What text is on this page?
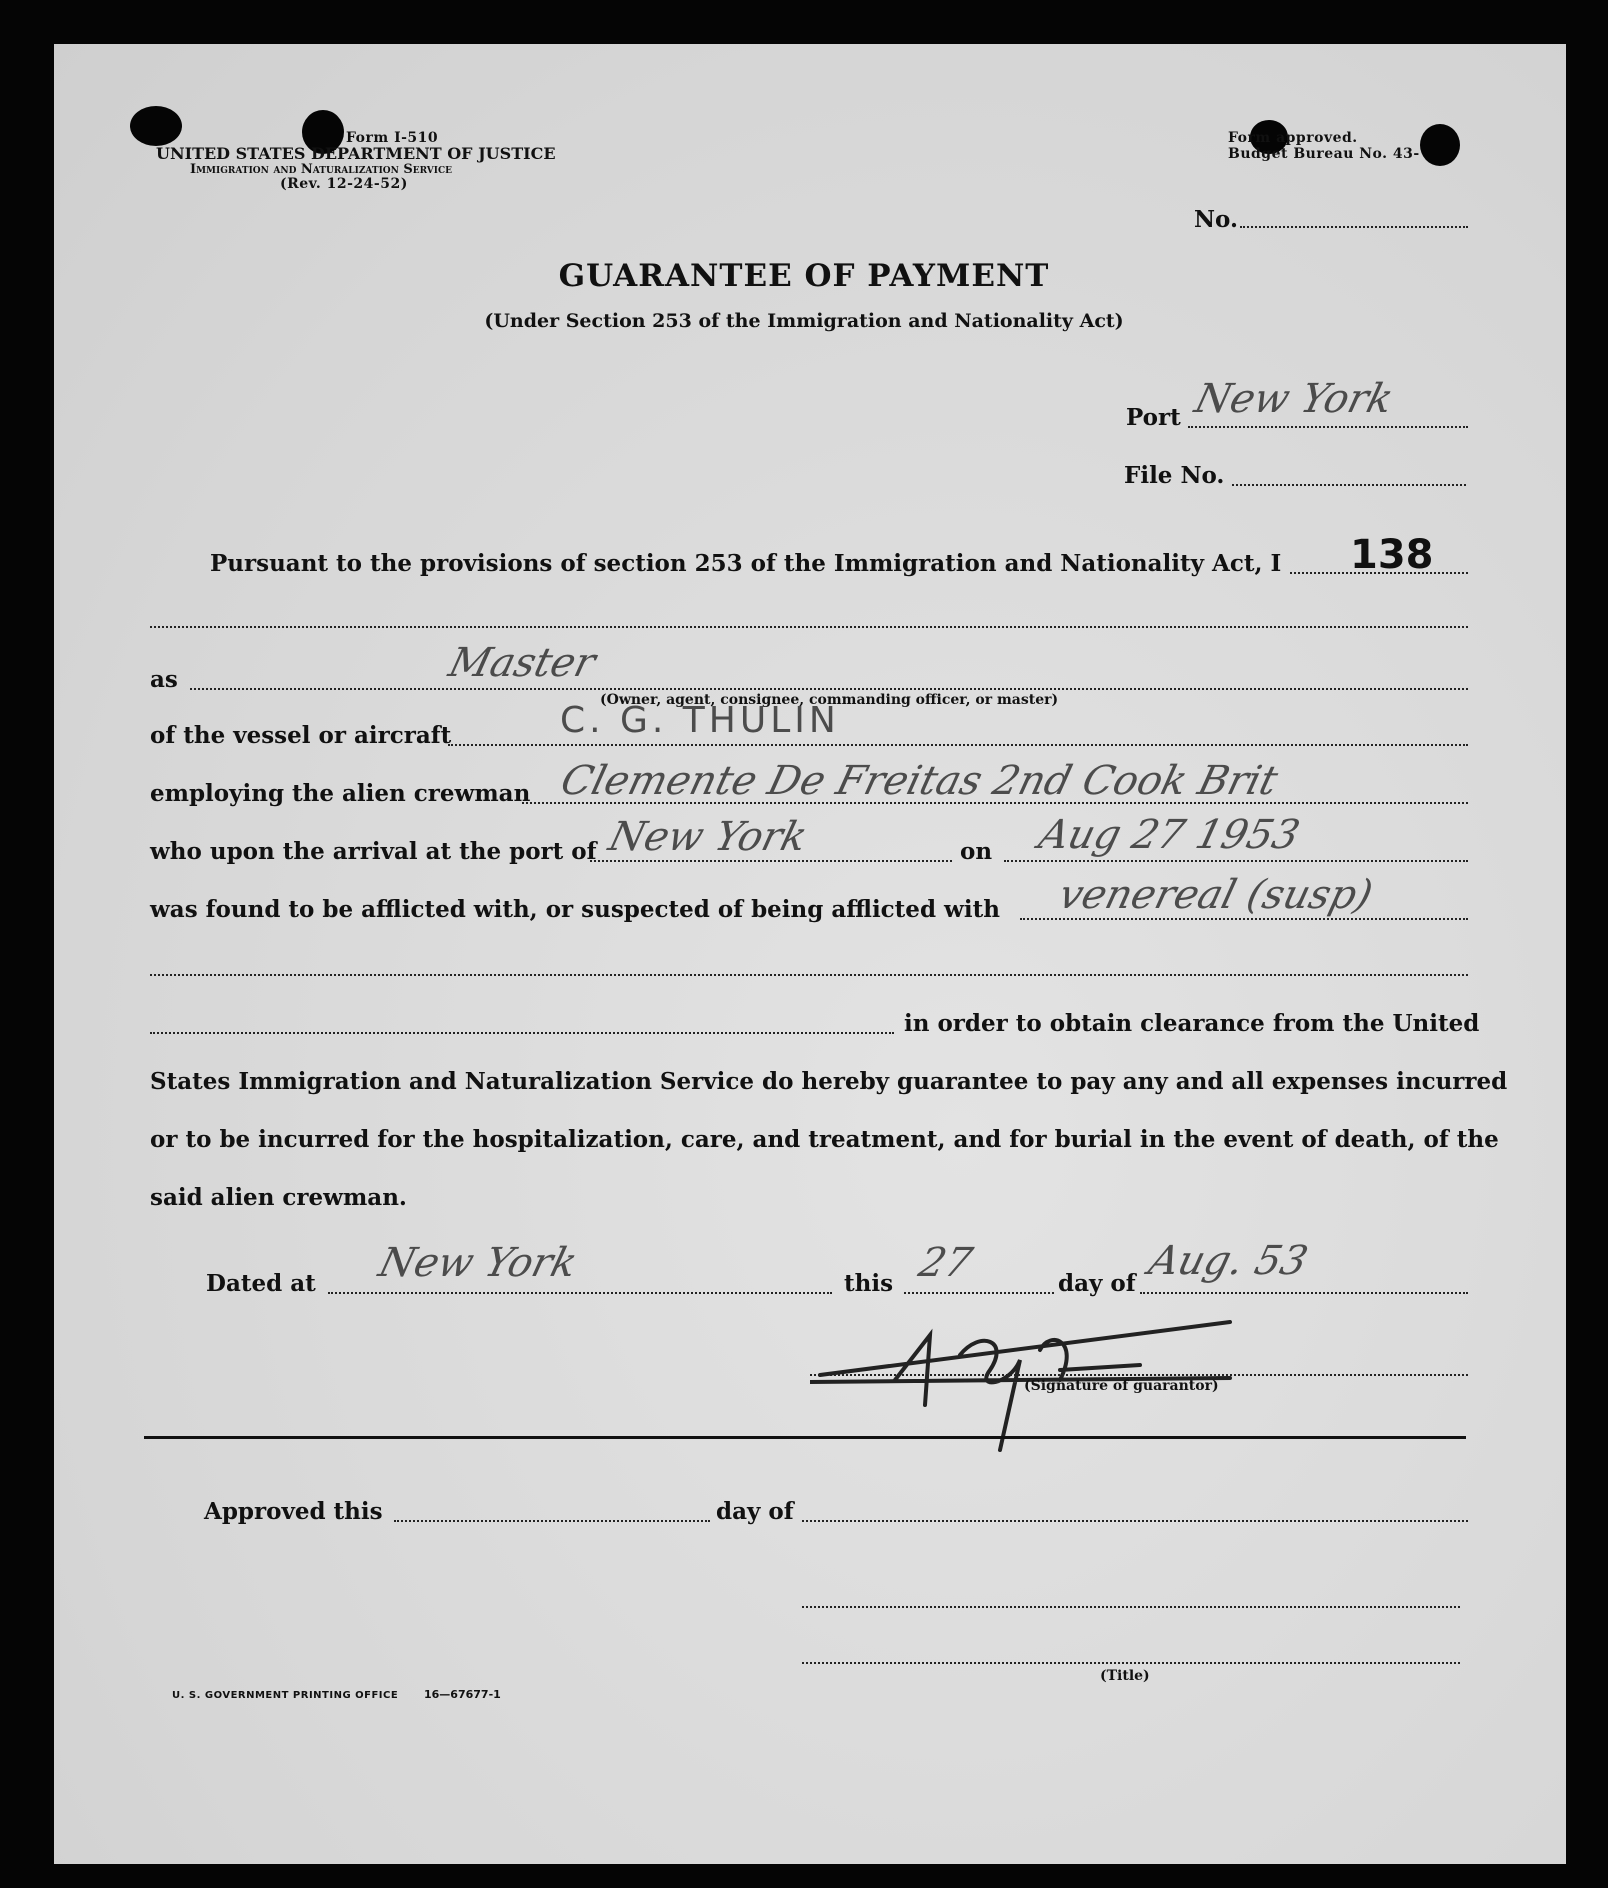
Form I-510
UNITED STATES DEPARTMENT OF JUSTICE
Immigration and Naturalization Service
(Rev. 12-24-52)
Form approved.
Budget Bureau No. 43-
No.
GUARANTEE OF PAYMENT
(Under Section 253 of the Immigration and Nationality Act)
Port New York
File No.
Pursuant to the provisions of section 253 of the Immigration and Nationality Act, I 138
as	Master
(Owner, agent, consignee, commanding officer, or master)
of the vessel or aircraft	C. G. THULIN
employing the alien crewman Clemente De Freitas 2nd Cook Brit
who upon the arrival at the port of New York	on Aug 27 1953
was found to be afflicted with, or suspected of being afflicted with venereal (susp)
in order to obtain clearance from the United
States Immigration and Naturalization Service do hereby guarantee to pay any and all expenses incurred
or to be incurred for the hospitalization, care, and treatment, and for burial in the event of death, of the
said alien crewman.
Dated at New York	this 27	day of Aug. 53
(Signature of guarantor)
Approved this	day of
(Title)
U. S. GOVERNMENT PRINTING OFFICE 16—67677-1
